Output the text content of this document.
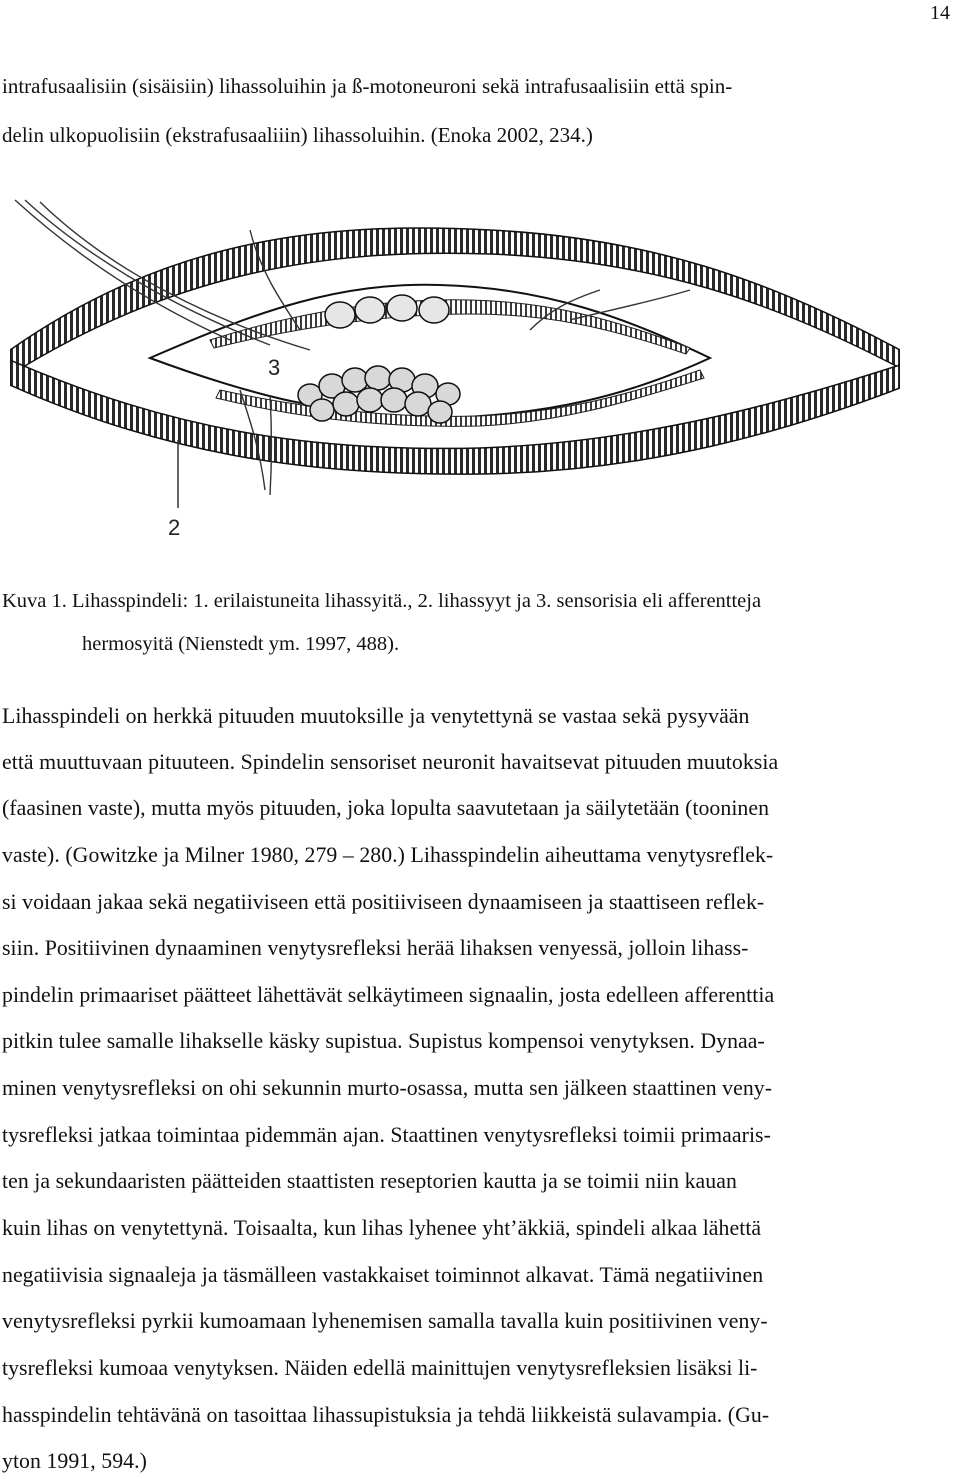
14
intrafusaalisiin (sisäisiin) lihassoluihin ja ß-motoneuroni sekä intrafusaalisiin että spin-
delin ulkopuolisiin (ekstrafusaaliiin) lihassoluihin. (Enoka 2002, 234.)
3
2
Kuva 1. Lihasspindeli: 1. erilaistuneita lihassyitä., 2. lihassyyt ja 3. sensorisia eli afferentteja
hermosyitä (Nienstedt ym. 1997, 488).
Lihasspindeli on herkkä pituuden muutoksille ja venytettynä se vastaa sekä pysyvään
että muuttuvaan pituuteen. Spindelin sensoriset neuronit havaitsevat pituuden muutoksia
(faasinen vaste), mutta myös pituuden, joka lopulta saavutetaan ja säilytetään (tooninen
vaste). (Gowitzke ja Milner 1980, 279 – 280.) Lihasspindelin aiheuttama venytysreflek-
si voidaan jakaa sekä negatiiviseen että positiiviseen dynaamiseen ja staattiseen reflek-
siin. Positiivinen dynaaminen venytysrefleksi herää lihaksen venyessä, jolloin lihass-
pindelin primaariset päätteet lähettävät selkäytimeen signaalin, josta edelleen afferenttia
pitkin tulee samalle lihakselle käsky supistua. Supistus kompensoi venytyksen. Dynaa-
minen venytysrefleksi on ohi sekunnin murto-osassa, mutta sen jälkeen staattinen veny-
tysrefleksi jatkaa toimintaa pidemmän ajan. Staattinen venytysrefleksi toimii primaaris-
ten ja sekundaaristen päätteiden staattisten reseptorien kautta ja se toimii niin kauan
kuin lihas on venytettynä. Toisaalta, kun lihas lyhenee yht’äkkiä, spindeli alkaa lähettä
negatiivisia signaaleja ja täsmälleen vastakkaiset toiminnot alkavat. Tämä negatiivinen
venytysrefleksi pyrkii kumoamaan lyhenemisen samalla tavalla kuin positiivinen veny-
tysrefleksi kumoaa venytyksen. Näiden edellä mainittujen venytysrefleksien lisäksi li-
hasspindelin tehtävänä on tasoittaa lihassupistuksia ja tehdä liikkeistä sulavampia. (Gu-
yton 1991, 594.)
